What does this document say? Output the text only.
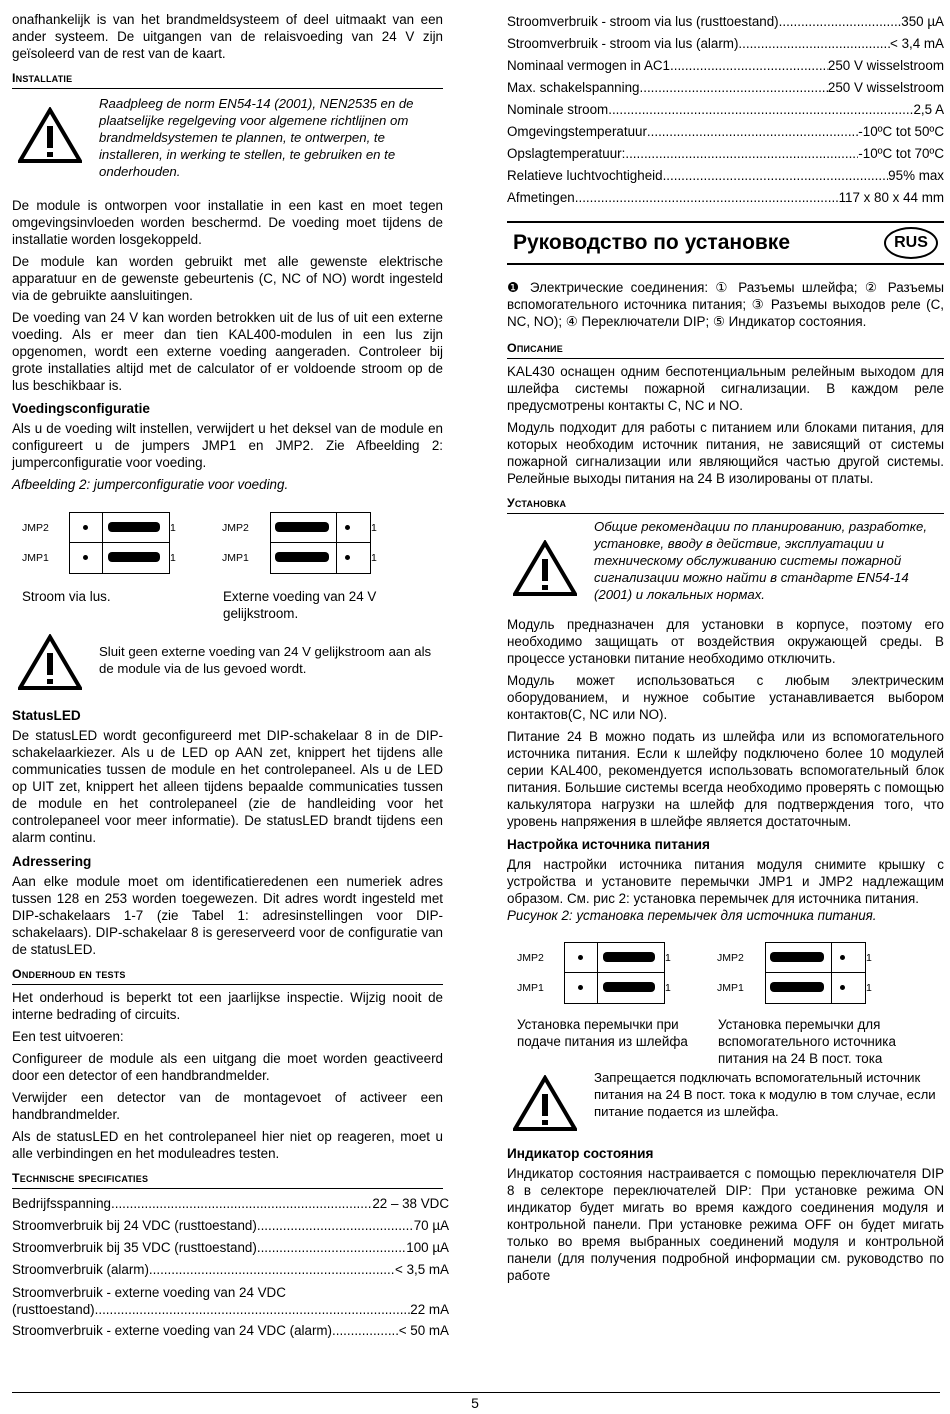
onafhankelijk is van het brandmeldsysteem of deel uitmaakt van een ander systeem. De uitgangen van de relaisvoeding van 24 V zijn geïsoleerd van de rest van de kaart.

Installatie
Raadpleeg de norm EN54-14 (2001), NEN2535 en de plaatselijke regelgeving voor algemene richtlijnen om brandmeldsystemen te plannen, te ontwerpen, te installeren, in werking te stellen, te gebruiken en te onderhouden.

De module is ontworpen voor installatie in een kast en moet tegen omgevingsinvloeden worden beschermd. De voeding moet tijdens de installatie worden losgekoppeld.

De module kan worden gebruikt met alle gewenste elektrische apparatuur en de gewenste gebeurtenis (C, NC of NO) wordt ingesteld via de gebruikte aansluitingen.

De voeding van 24 V kan worden betrokken uit de lus of uit een externe voeding. Als er meer dan tien KAL400-modulen in een lus zijn opgenomen, wordt een externe voeding aangeraden. Controleer bij grote installaties altijd met de calculator of er voldoende stroom op de lus beschikbaar is.

Voedingsconfiguratie

Als u de voeding wilt instellen, verwijdert u het deksel van de module en configureert u de jumpers JMP1 en JMP2. Zie Afbeelding 2: jumperconfiguratie voor voeding.

Afbeelding 2: jumperconfiguratie voor voeding.

JMP2
JMP1
1
1
JMP2
JMP1
1
1
Stroom via lus.	Externe voeding van 24 V gelijkstroom.
Sluit geen externe voeding van 24 V gelijkstroom aan als de module via de lus gevoed wordt.
StatusLED

De statusLED wordt geconfigureerd met DIP-schakelaar 8 in de DIP-schakelaarkiezer. Als u de LED op AAN zet, knippert het tijdens alle communicaties tussen de module en het controlepaneel. Als u de LED op UIT zet, knippert het alleen tijdens bepaalde communicaties tussen de module en het controlepaneel (zie de handleiding voor het controlepaneel voor meer informatie). De statusLED brandt tijdens een alarm continu.

Adressering

Aan elke module moet om identificatieredenen een numeriek adres tussen 128 en 253 worden toegewezen. Dit adres wordt ingesteld met DIP-schakelaars 1-7 (zie Tabel 1: adresinstellingen voor DIP-schakelaars). DIP-schakelaar 8 is gereserveerd voor de configuratie van de statusLED.

Onderhoud en tests

Het onderhoud is beperkt tot een jaarlijkse inspectie. Wijzig nooit de interne bedrading of circuits.

Een test uitvoeren:

Configureer de module als een uitgang die moet worden geactiveerd door een detector of een handbrandmelder.

Verwijder een detector van de montagevoet of activeer een handbrandmelder.

Als de statusLED en het controlepaneel hier niet op reageren, moet u alle verbindingen en het moduleadres testen.

Technische specificaties
Bedrijfsspanning .....	22 – 38 VDC
Stroomverbruik bij 24 VDC (rusttoestand) .....	70 µA
Stroomverbruik bij 35 VDC (rusttoestand) .....	100 µA
Stroomverbruik (alarm) .....	< 3,5 mA
Stroomverbruik - externe voeding van 24 VDC
(rusttoestand) .....	22 mA
Stroomverbruik - externe voeding van 24 VDC (alarm) .....	< 50 mA
Stroomverbruik - stroom via lus (rusttoestand) .....	350 µA
Stroomverbruik - stroom via lus (alarm) .....	< 3,4 mA
Nominaal vermogen in AC1 .....	250 V wisselstroom
Max. schakelspanning .....	250 V wisselstroom
Nominale stroom .....	2,5 A
Omgevingstemperatuur .....	-10ºC tot 50ºC
Opslagtemperatuur: .....	-10ºC tot 70ºC
Relatieve luchtvochtigheid .....	95% max
Afmetingen .....	117 x 80 x 44 mm
Руководство по установке	RUS

❶ Электрические соединения: ① Разъемы шлейфа; ② Разъемы вспомогательного источника питания; ③ Разъемы выходов реле (C, NC, NO); ④ Переключатели DIP; ⑤ Индикатор состояния.

Описание

KAL430 оснащен одним беспотенциальным релейным выходом для шлейфа системы пожарной сигнализации. В каждом реле предусмотрены контакты C, NC и NO.

Модуль подходит для работы с питанием или блоками питания, для которых необходим источник питания, не зависящий от системы пожарной сигнализации или являющийся частью другой системы. Релейные выходы питания на 24 В изолированы от платы.

Установка
Общие рекомендации по планированию, разработке, установке, вводу в действие, эксплуатации и техническому обслуживанию системы пожарной сигнализации можно найти в стандарте EN54-14 (2001) и локальных нормах.

Модуль предназначен для установки в корпусе, поэтому его необходимо защищать от воздействия окружающей среды. В процессе установки питание необходимо отключить.

Модуль может использоваться с любым электрическим оборудованием, и нужное событие устанавливается выбором контактов(C, NC или NO).

Питание 24 В можно подать из шлейфа или из вспомогательного источника питания. Если к шлейфу подключено более 10 модулей серии KAL400, рекомендуется использовать вспомогательный блок питания. Большие системы всегда необходимо проверять с помощью калькулятора нагрузки на шлейф для подтверждения того, что уровень напряжения в шлейфе является достаточным.

Настройка источника питания

Для настройки источника питания модуля снимите крышку с устройства и установите перемычки JMP1 и JMP2 надлежащим образом. См. рис 2: установка перемычек для источника питания.

Рисунок 2: установка перемычек для источника питания.

JMP2
JMP1
1
1
JMP2
JMP1
1
1
Установка перемычки при подаче питания из шлейфа
Установка перемычки для вспомогательного источника питания на 24 В пост. тока
Запрещается подключать вспомогательный источник питания на 24 В пост. тока к модулю в том случае, если питание подается из шлейфа.
Индикатор состояния

Индикатор состояния настраивается с помощью переключателя DIP 8 в селекторе переключателей DIP: При установке режима ON индикатор будет мигать во время каждого соединения модуля и контрольной панели. При установке режима OFF он будет мигать только во время выбранных соединений модуля и контрольной панели (для получения подробной информации см. руководство по работе

5
